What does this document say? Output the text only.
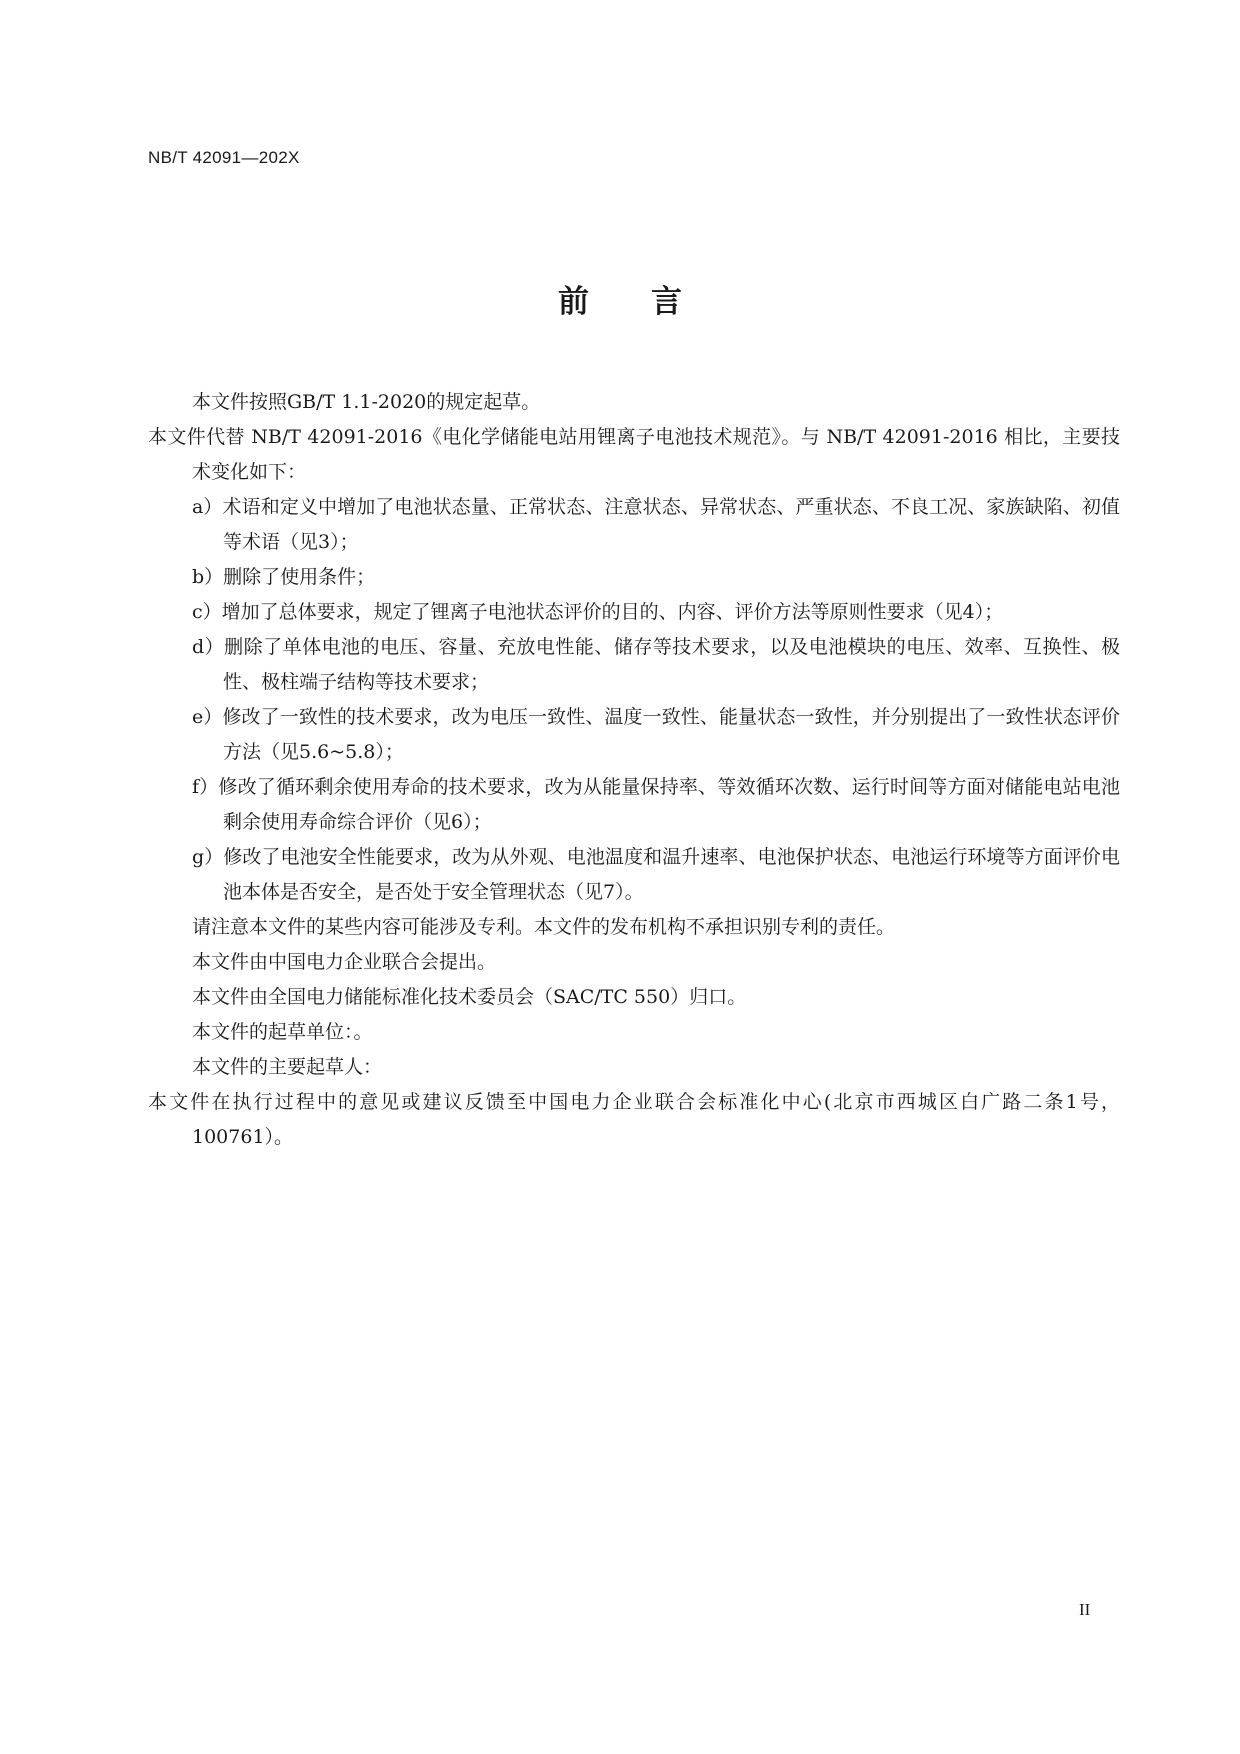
NB/T 42091—202X
前 言

本文件按照GB/T 1.1-2020的规定起草。

本文件代替 NB/T 42091-2016《电化学储能电站用锂离子电池技术规范》。与 NB/T 42091-2016 相比，主要技术变化如下：

a）术语和定义中增加了电池状态量、正常状态、注意状态、异常状态、严重状态、不良工况、家族缺陷、初值等术语（见3）；

b）删除了使用条件；

c）增加了总体要求，规定了锂离子电池状态评价的目的、内容、评价方法等原则性要求（见4）；

d）删除了单体电池的电压、容量、充放电性能、储存等技术要求，以及电池模块的电压、效率、互换性、极性、极柱端子结构等技术要求；

e）修改了一致性的技术要求，改为电压一致性、温度一致性、能量状态一致性，并分别提出了一致性状态评价方法（见5.6~5.8）；

f）修改了循环剩余使用寿命的技术要求，改为从能量保持率、等效循环次数、运行时间等方面对储能电站电池剩余使用寿命综合评价（见6）；

g）修改了电池安全性能要求，改为从外观、电池温度和温升速率、电池保护状态、电池运行环境等方面评价电池本体是否安全，是否处于安全管理状态（见7）。

请注意本文件的某些内容可能涉及专利。本文件的发布机构不承担识别专利的责任。

本文件由中国电力企业联合会提出。

本文件由全国电力储能标准化技术委员会（SAC/TC 550）归口。

本文件的起草单位：。

本文件的主要起草人：

本文件在执行过程中的意见或建议反馈至中国电力企业联合会标准化中心(北京市西城区白广路二条1号，100761）。

II
